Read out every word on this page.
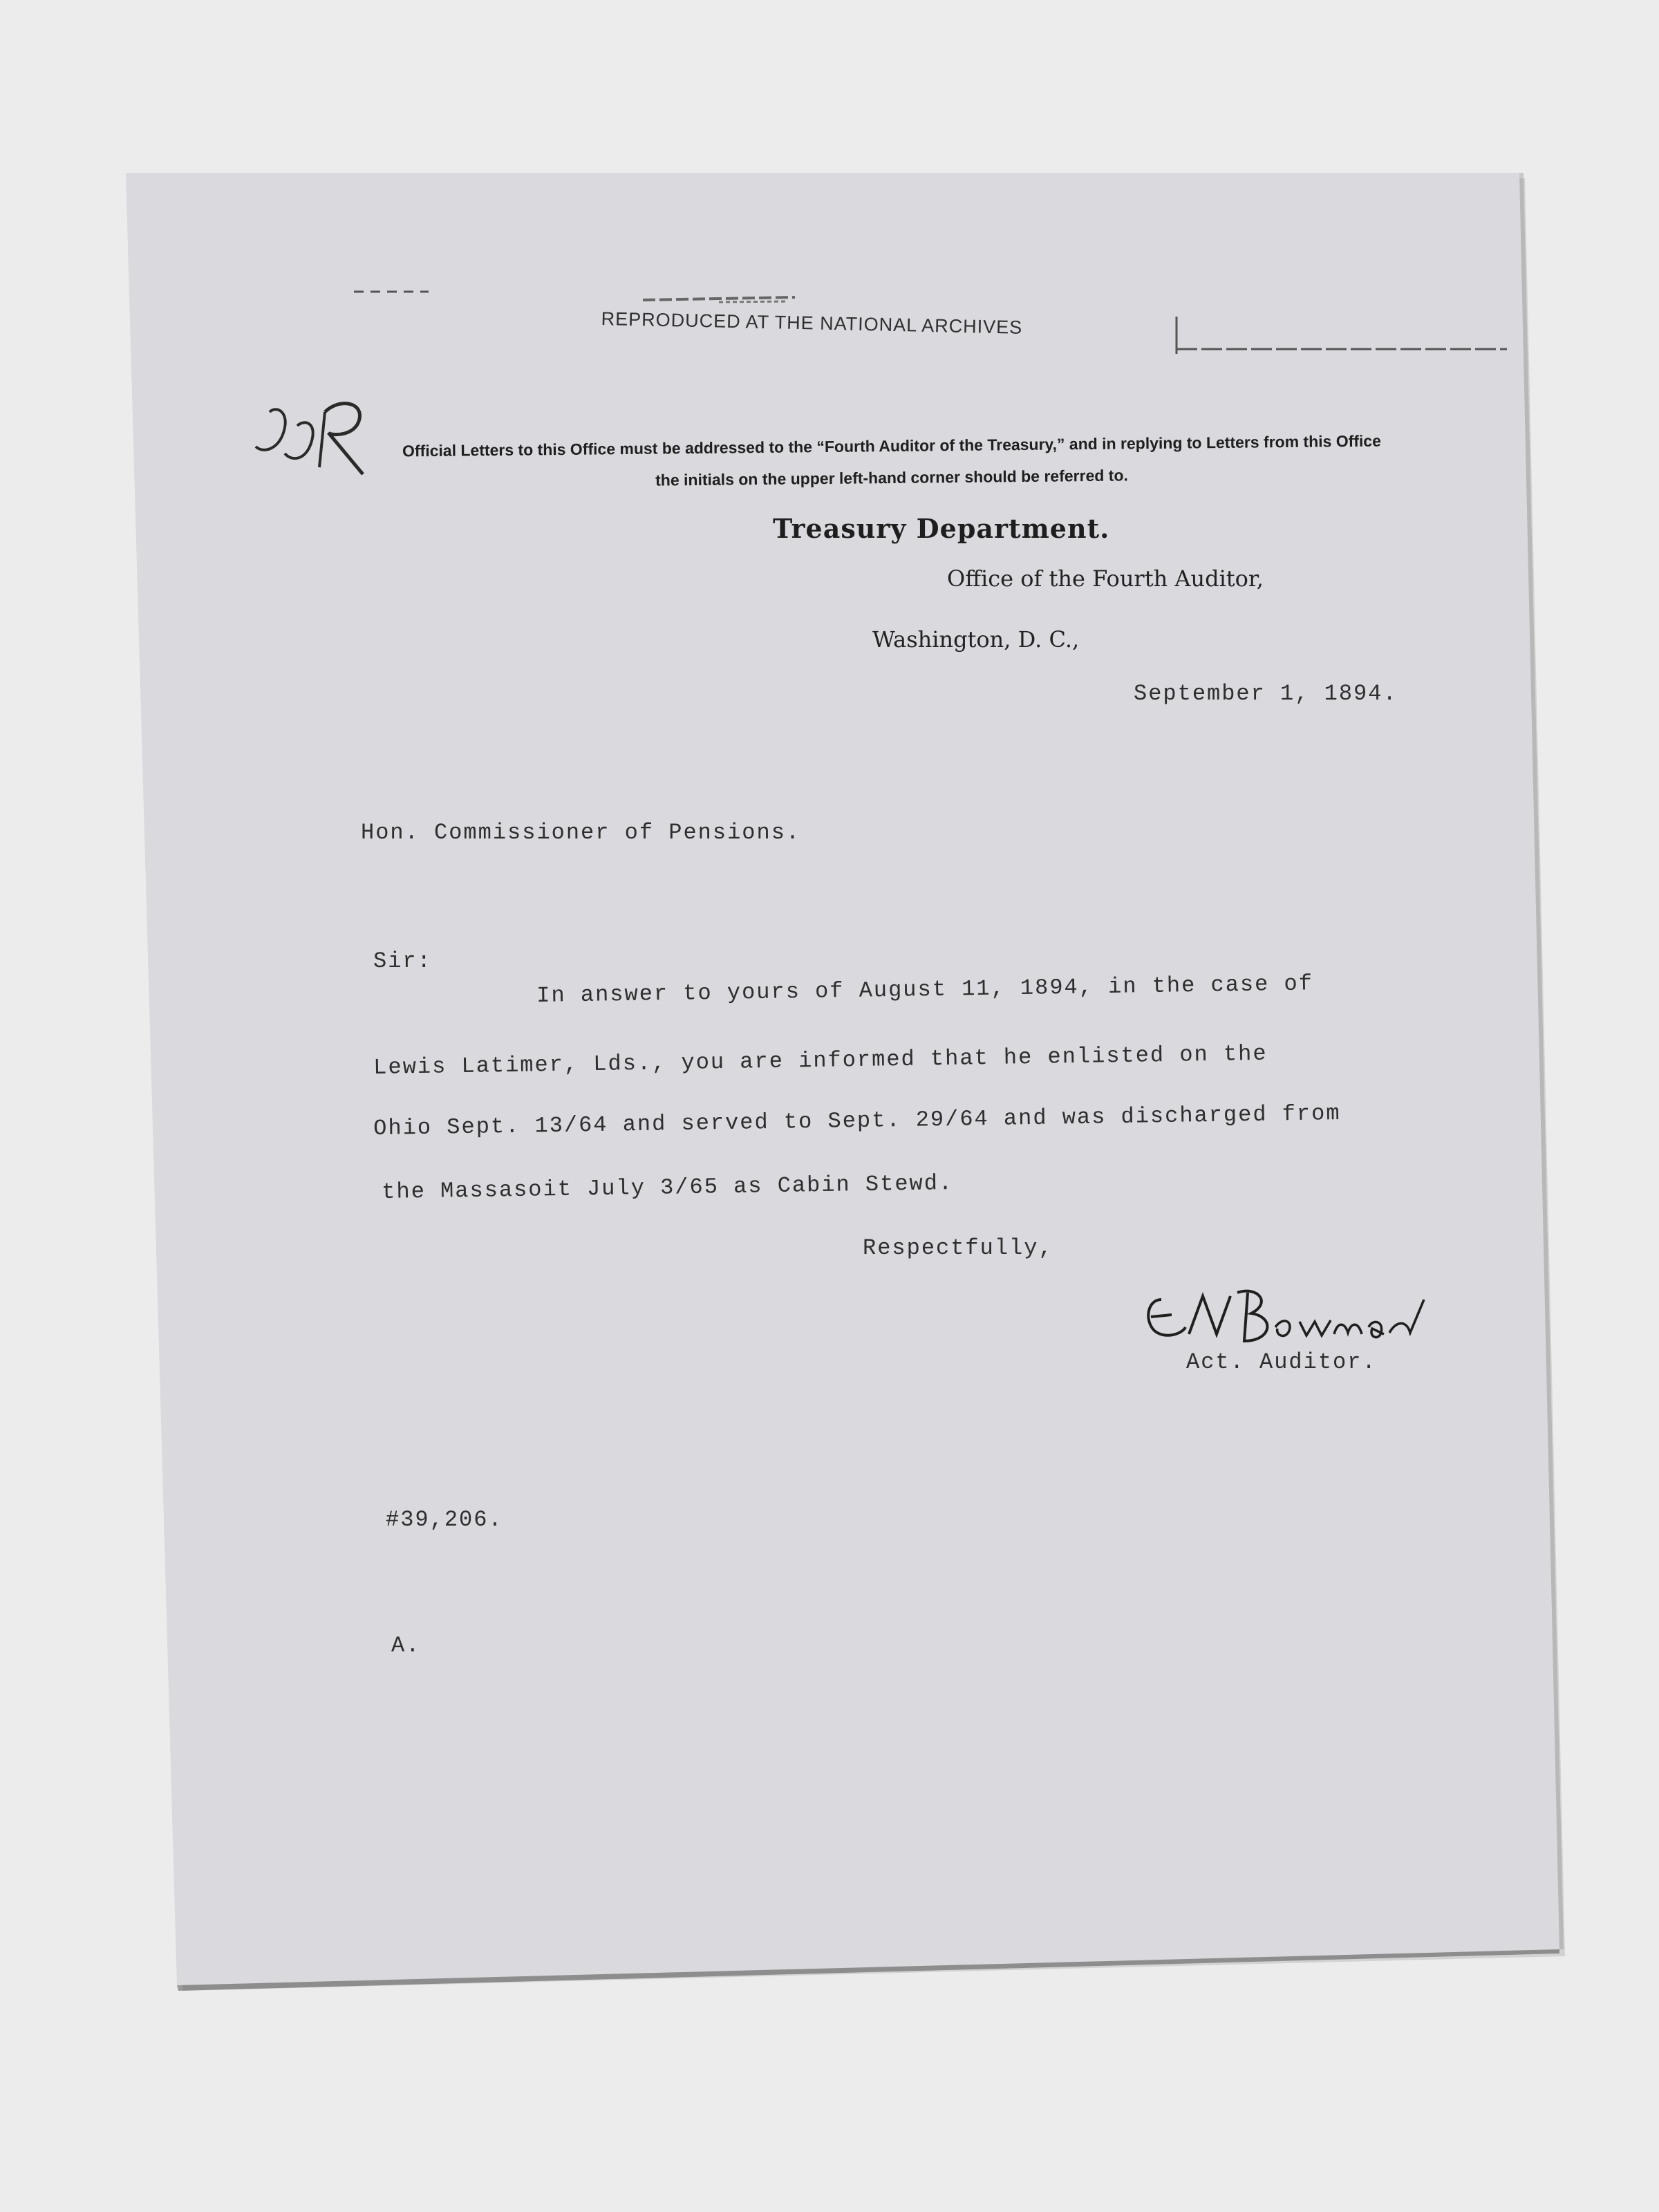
REPRODUCED AT THE NATIONAL ARCHIVES
Official Letters to this Office must be addressed to the “Fourth Auditor of the Treasury,” and in replying to Letters from this Office
the initials on the upper left-hand corner should be referred to.
Treasury Department.
Office of the Fourth Auditor,
Washington, D. C.,
September 1, 1894.
Hon. Commissioner of Pensions.
Sir:
In answer to yours of August 11, 1894, in the case of
Lewis Latimer, Lds., you are informed that he enlisted on the
Ohio Sept. 13/64 and served to Sept. 29/64 and was discharged from
the Massasoit July 3/65 as Cabin Stewd.
Respectfully,
Act. Auditor.
#39,206.
A.
